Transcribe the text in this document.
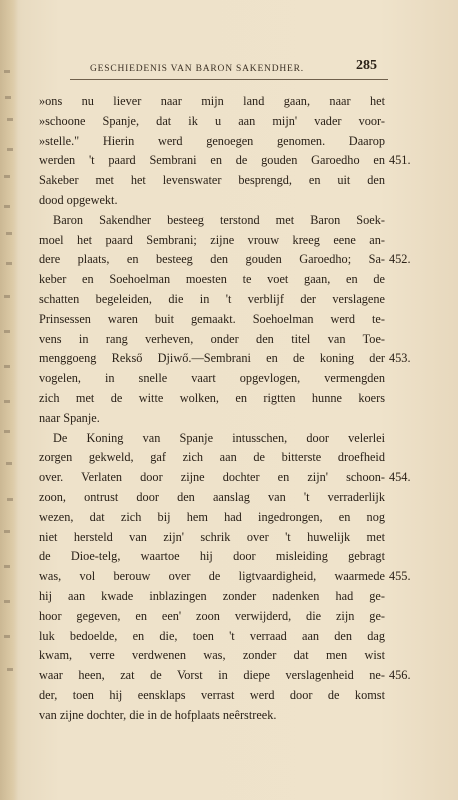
GESCHIEDENIS VAN BARON SAKENDHER.	285
»ons nu liever naar mijn land gaan, naar het
»schoone Spanje, dat ik u aan mijn' vader voor-
»stelle." Hierin werd genoegen genomen. Daarop
werden 't paard Sembrani en de gouden Garoedho en
Sakeber met het levenswater besprengd, en uit den
dood opgewekt.
Baron Sakendher besteeg terstond met Baron Soek-
moel het paard Sembrani; zijne vrouw kreeg eene an-
dere plaats, en besteeg den gouden Garoedho; Sa-
keber en Soehoelman moesten te voet gaan, en de
schatten begeleiden, die in 't verblijf der verslagene
Prinsessen waren buit gemaakt. Soehoelman werd te-
vens in rang verheven, onder den titel van Toe-
menggoeng Rekső Djiwő.—Sembrani en de koning der
vogelen, in snelle vaart opgevlogen, vermengden
zich met de witte wolken, en rigtten hunne koers
naar Spanje.
De Koning van Spanje intusschen, door velerlei
zorgen gekweld, gaf zich aan de bitterste droefheid
over. Verlaten door zijne dochter en zijn' schoon-
zoon, ontrust door den aanslag van 't verraderlijk
wezen, dat zich bij hem had ingedrongen, en nog
niet hersteld van zijn' schrik over 't huwelijk met
de Dioe-telg, waartoe hij door misleiding gebragt
was, vol berouw over de ligtvaardigheid, waarmede
hij aan kwade inblazingen zonder nadenken had ge-
hoor gegeven, en een' zoon verwijderd, die zijn ge-
luk bedoelde, en die, toen 't verraad aan den dag
kwam, verre verdwenen was, zonder dat men wist
waar heen, zat de Vorst in diepe verslagenheid ne-
der, toen hij eensklaps verrast werd door de komst
van zijne dochter, die in de hofplaats neêrstreek.
451.
452.
453.
454.
455.
456.
